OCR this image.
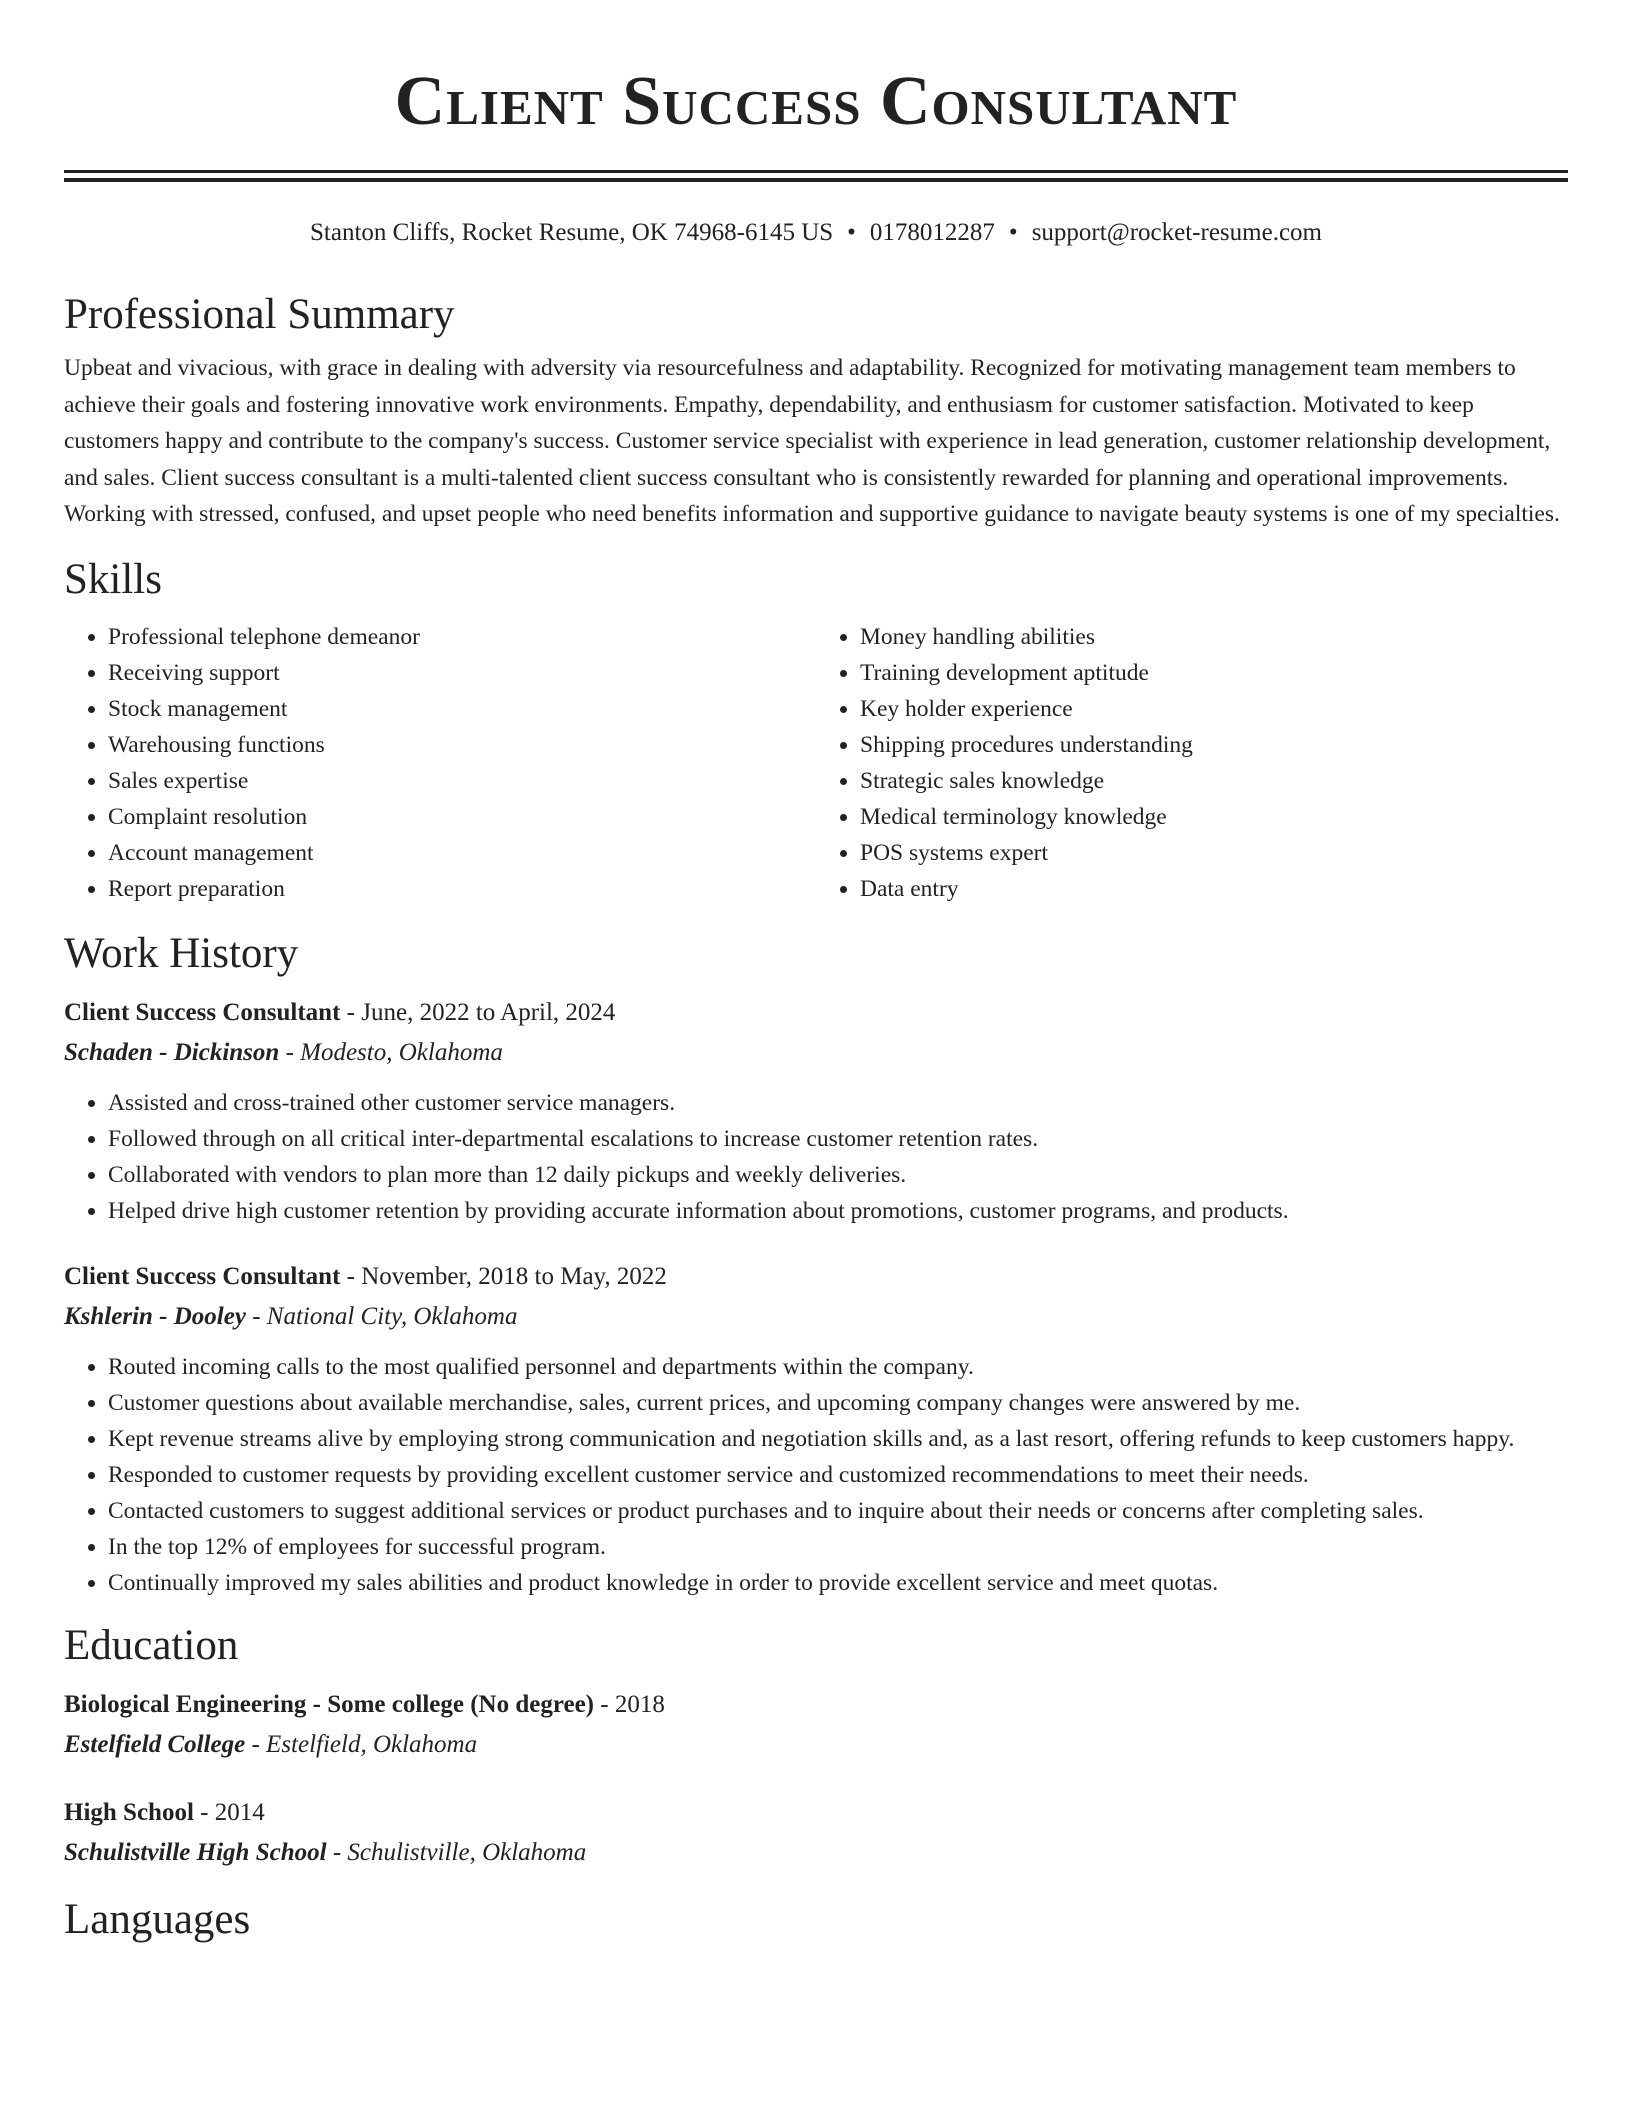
Client Success Consultant
Stanton Cliffs, Rocket Resume, OK 74968-6145 US • 0178012287 • support@rocket-resume.com
Professional Summary

Upbeat and vivacious, with grace in dealing with adversity via resourcefulness and adaptability. Recognized for motivating management team members to achieve their goals and fostering innovative work environments. Empathy, dependability, and enthusiasm for customer satisfaction. Motivated to keep customers happy and contribute to the company's success. Customer service specialist with experience in lead generation, customer relationship development, and sales. Client success consultant is a multi-talented client success consultant who is consistently rewarded for planning and operational improvements. Working with stressed, confused, and upset people who need benefits information and supportive guidance to navigate beauty systems is one of my specialties.

Skills
• Professional telephone demeanor
• Receiving support
• Stock management
• Warehousing functions
• Sales expertise
• Complaint resolution
• Account management
• Report preparation
• Money handling abilities
• Training development aptitude
• Key holder experience
• Shipping procedures understanding
• Strategic sales knowledge
• Medical terminology knowledge
• POS systems expert
• Data entry
Work History
Client Success Consultant - June, 2022 to April, 2024
Schaden - Dickinson - Modesto, Oklahoma
• Assisted and cross-trained other customer service managers.
• Followed through on all critical inter-departmental escalations to increase customer retention rates.
• Collaborated with vendors to plan more than 12 daily pickups and weekly deliveries.
• Helped drive high customer retention by providing accurate information about promotions, customer programs, and products.
Client Success Consultant - November, 2018 to May, 2022
Kshlerin - Dooley - National City, Oklahoma
• Routed incoming calls to the most qualified personnel and departments within the company.
• Customer questions about available merchandise, sales, current prices, and upcoming company changes were answered by me.
• Kept revenue streams alive by employing strong communication and negotiation skills and, as a last resort, offering refunds to keep customers happy.
• Responded to customer requests by providing excellent customer service and customized recommendations to meet their needs.
• Contacted customers to suggest additional services or product purchases and to inquire about their needs or concerns after completing sales.
• In the top 12% of employees for successful program.
• Continually improved my sales abilities and product knowledge in order to provide excellent service and meet quotas.
Education
Biological Engineering - Some college (No degree) - 2018
Estelfield College - Estelfield, Oklahoma
High School - 2014
Schulistville High School - Schulistville, Oklahoma
Languages
